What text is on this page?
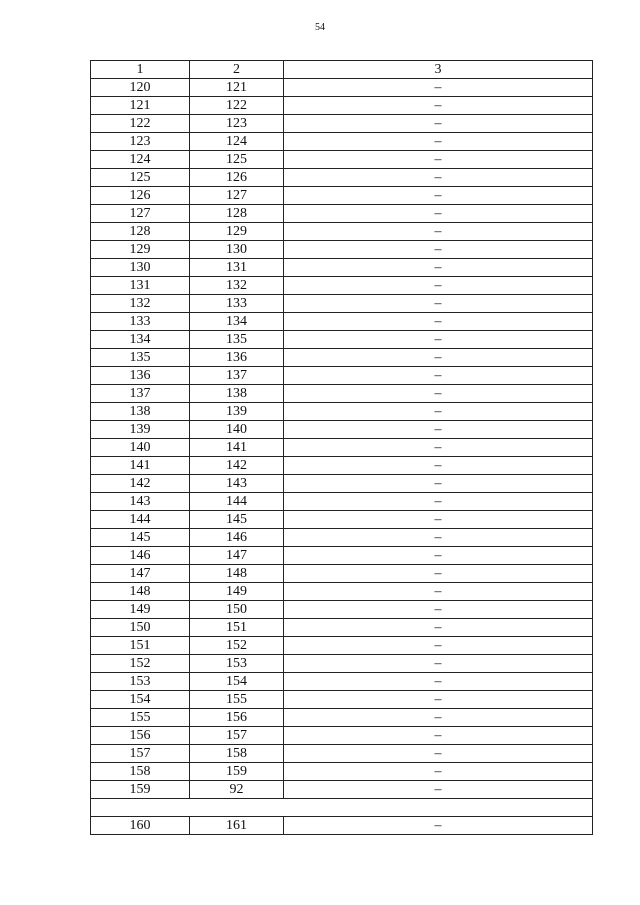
54
1	2	3
120	121	–
121	122	–
122	123	–
123	124	–
124	125	–
125	126	–
126	127	–
127	128	–
128	129	–
129	130	–
130	131	–
131	132	–
132	133	–
133	134	–
134	135	–
135	136	–
136	137	–
137	138	–
138	139	–
139	140	–
140	141	–
141	142	–
142	143	–
143	144	–
144	145	–
145	146	–
146	147	–
147	148	–
148	149	–
149	150	–
150	151	–
151	152	–
152	153	–
153	154	–
154	155	–
155	156	–
156	157	–
157	158	–
158	159	–
159	92	–

160	161	–
